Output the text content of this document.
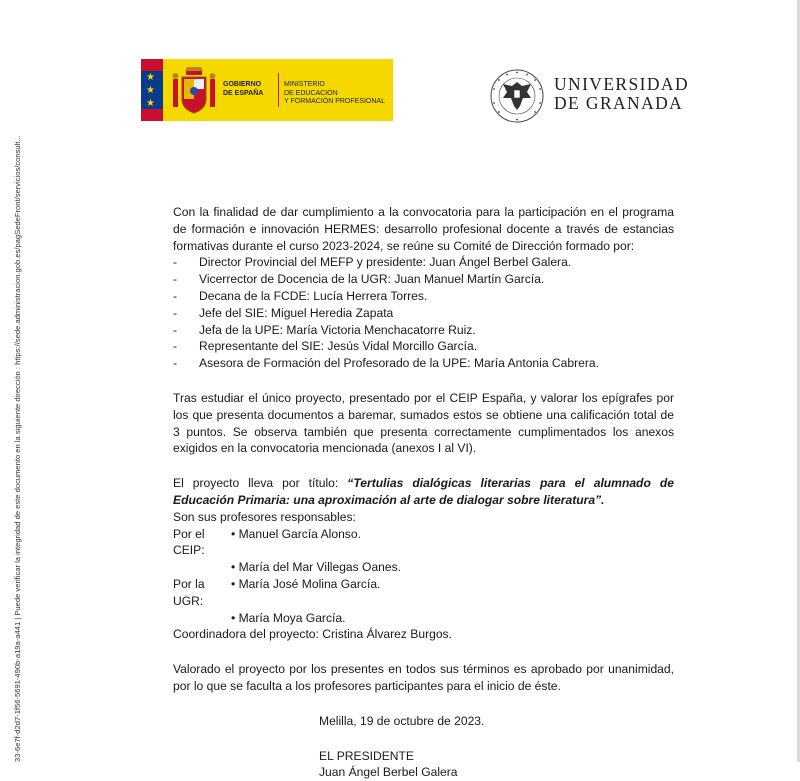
33-6e7f-d2d7-1f56-5691-490b-a19a-a441 | Puede verificar la integridad de este documento en la siguiente dirección : https://sede.administracion.gob.es/pagSedeFront/servicios/consult...
★
★
★
GOBIERNO
DE ESPAÑA
MINISTERIO
DE EDUCACIÓN
Y FORMACIÓN PROFESIONAL
UNIVERSIDAD
DE GRANADA

Con la finalidad de dar cumplimiento a la convocatoria para la participación en el programa de formación e innovación HERMES: desarrollo profesional docente a través de estancias formativas durante el curso 2023-2024, se reúne su Comité de Dirección formado por:

- Director Provincial del MEFP y presidente: Juan Ángel Berbel Galera.
- Vicerrector de Docencia de la UGR: Juan Manuel Martín García.
- Decana de la FCDE: Lucía Herrera Torres.
- Jefe del SIE: Miguel Heredia Zapata
- Jefa de la UPE: María Victoria Menchacatorre Ruiz.
- Representante del SIE: Jesús Vidal Morcillo García.
- Asesora de Formación del Profesorado de la UPE: María Antonia Cabrera.

Tras estudiar el único proyecto, presentado por el CEIP España, y valorar los epígrafes por los que presenta documentos a baremar, sumados estos se obtiene una calificación total de 3 puntos. Se observa también que presenta correctamente cumplimentados los anexos exigidos en la convocatoria mencionada (anexos I al VI).

El proyecto lleva por título: “Tertulias dialógicas literarias para el alumnado de Educación Primaria: una aproximación al arte de dialogar sobre literatura”.

Son sus profesores responsables:

Por el CEIP:
• Manuel García Alonso.

• María del Mar Villegas Oanes.

Por la UGR:
• María José Molina García.

• María Moya García.

Coordinadora del proyecto: Cristina Álvarez Burgos.

Valorado el proyecto por los presentes en todos sus términos es aprobado por unanimidad, por lo que se faculta a los profesores participantes para el inicio de éste.

Melilla, 19 de octubre de 2023.

EL PRESIDENTE

Juan Ángel Berbel Galera
